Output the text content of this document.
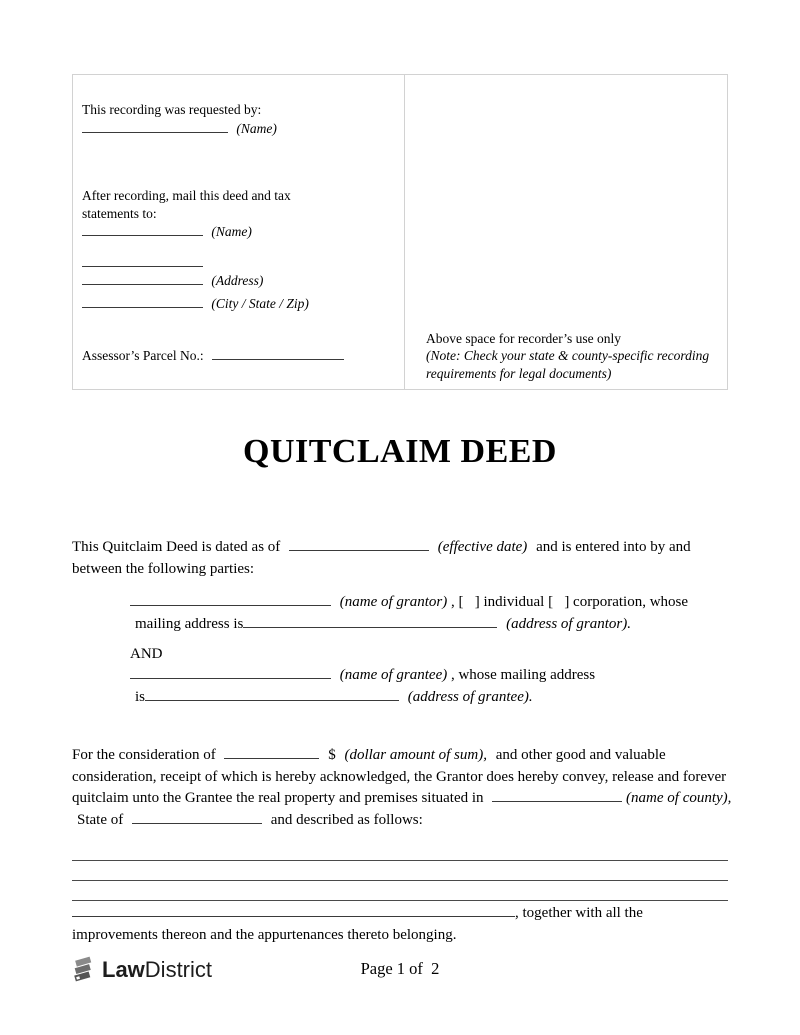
This recording was requested by:
(Name)
After recording, mail this deed and tax
statements to:
(Name)
(Address)
(City / State / Zip)
Assessor’s Parcel No.:
Above space for recorder’s use only
(Note: Check your state & county-specific recording requirements for legal documents)
QUITCLAIM DEED

This Quitclaim Deed is dated as of	(effective date) and is entered into by and between the following parties:

(name of grantor) , [   ] individual [   ] corporation, whose mailing address is	(address of grantor).

AND

(name of grantee) , whose mailing address is	(address of grantee).

For the consideration of	$ (dollar amount of sum), and other good and valuable consideration, receipt of which is hereby acknowledged, the Grantor does hereby convey, release and forever quitclaim unto the Grantee the real property and premises situated in	(name of county), State of	and described as follows:

, together with all the
improvements thereon and the appurtenances thereto belonging.
Law District	Page 1 of  2
